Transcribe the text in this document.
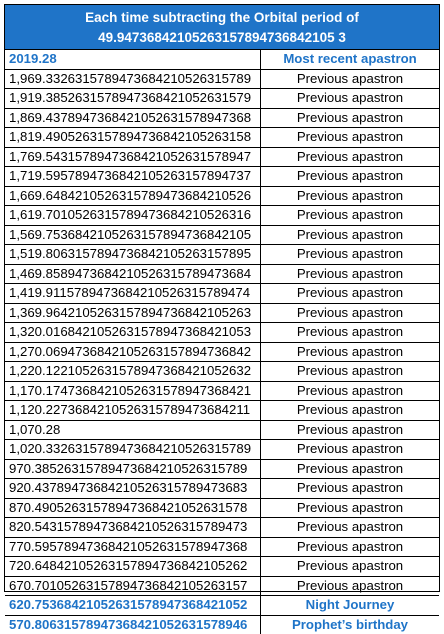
Each time subtracting the Orbital period of
49.94736842105263157894736842105 3
2019.28	Most recent apastron
1,969.3326315789473684210526315789	Previous apastron
1,919.3852631578947368421052631579	Previous apastron
1,869.4378947368421052631578947368	Previous apastron
1,819.4905263157894736842105263158	Previous apastron
1,769.5431578947368421052631578947	Previous apastron
1,719.5957894736842105263157894737	Previous apastron
1,669.6484210526315789473684210526	Previous apastron
1,619.7010526315789473684210526316	Previous apastron
1,569.7536842105263157894736842105	Previous apastron
1,519.8063157894736842105263157895	Previous apastron
1,469.8589473684210526315789473684	Previous apastron
1,419.9115789473684210526315789474	Previous apastron
1,369.9642105263157894736842105263	Previous apastron
1,320.0168421052631578947368421053	Previous apastron
1,270.0694736842105263157894736842	Previous apastron
1,220.1221052631578947368421052632	Previous apastron
1,170.1747368421052631578947368421	Previous apastron
1,120.2273684210526315789473684211	Previous apastron
1,070.28	Previous apastron
1,020.3326315789473684210526315789	Previous apastron
970.38526315789473684210526315789	Previous apastron
920.43789473684210526315789473683	Previous apastron
870.49052631578947368421052631578	Previous apastron
820.54315789473684210526315789473	Previous apastron
770.59578947368421052631578947368	Previous apastron
720.64842105263157894736842105262	Previous apastron
670.70105263157894736842105263157	Previous apastron
620.75368421052631578947368421052	Night Journey
570.80631578947368421052631578946	Prophet’s birthday
